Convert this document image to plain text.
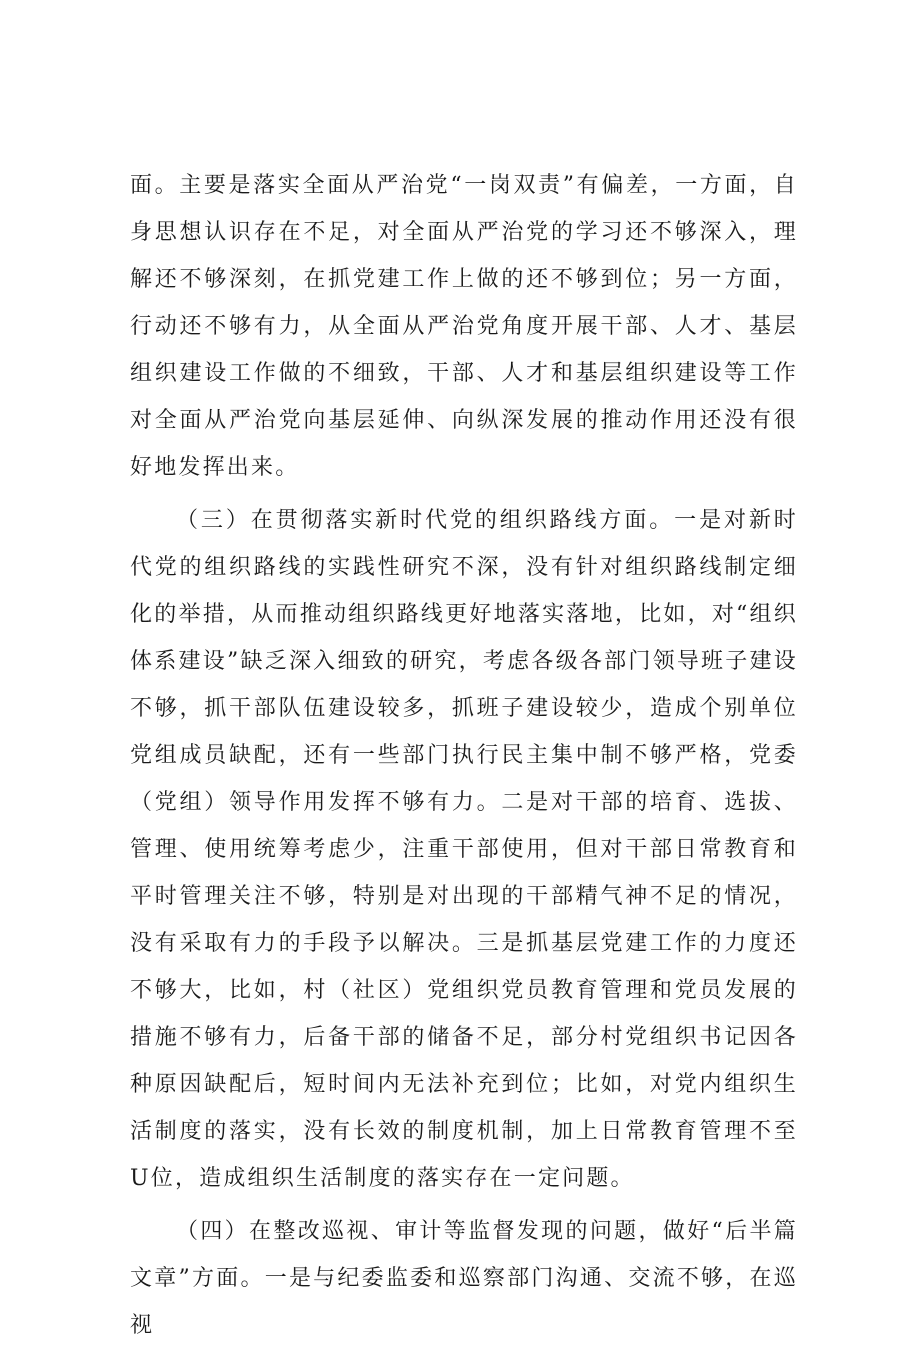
面。主要是落实全面从严治党“一岗双责”有偏差，一方面，自身思想认识存在不足，对全面从严治党的学习还不够深入，理解还不够深刻，在抓党建工作上做的还不够到位；另一方面，行动还不够有力，从全面从严治党角度开展干部、人才、基层组织建设工作做的不细致，干部、人才和基层组织建设等工作对全面从严治党向基层延伸、向纵深发展的推动作用还没有很好地发挥出来。

（三）在贯彻落实新时代党的组织路线方面。一是对新时代党的组织路线的实践性研究不深，没有针对组织路线制定细化的举措，从而推动组织路线更好地落实落地，比如，对“组织体系建设”缺乏深入细致的研究，考虑各级各部门领导班子建设不够，抓干部队伍建设较多，抓班子建设较少，造成个别单位党组成员缺配，还有一些部门执行民主集中制不够严格，党委（党组）领导作用发挥不够有力。二是对干部的培育、选拔、管理、使用统筹考虑少，注重干部使用，但对干部日常教育和平时管理关注不够，特别是对出现的干部精气神不足的情况，没有采取有力的手段予以解决。三是抓基层党建工作的力度还不够大，比如，村（社区）党组织党员教育管理和党员发展的措施不够有力，后备干部的储备不足，部分村党组织书记因各种原因缺配后，短时间内无法补充到位；比如，对党内组织生活制度的落实，没有长效的制度机制，加上日常教育管理不至U位，造成组织生活制度的落实存在一定问题。

（四）在整改巡视、审计等监督发现的问题，做好“后半篇文章”方面。一是与纪委监委和巡察部门沟通、交流不够，在巡视
